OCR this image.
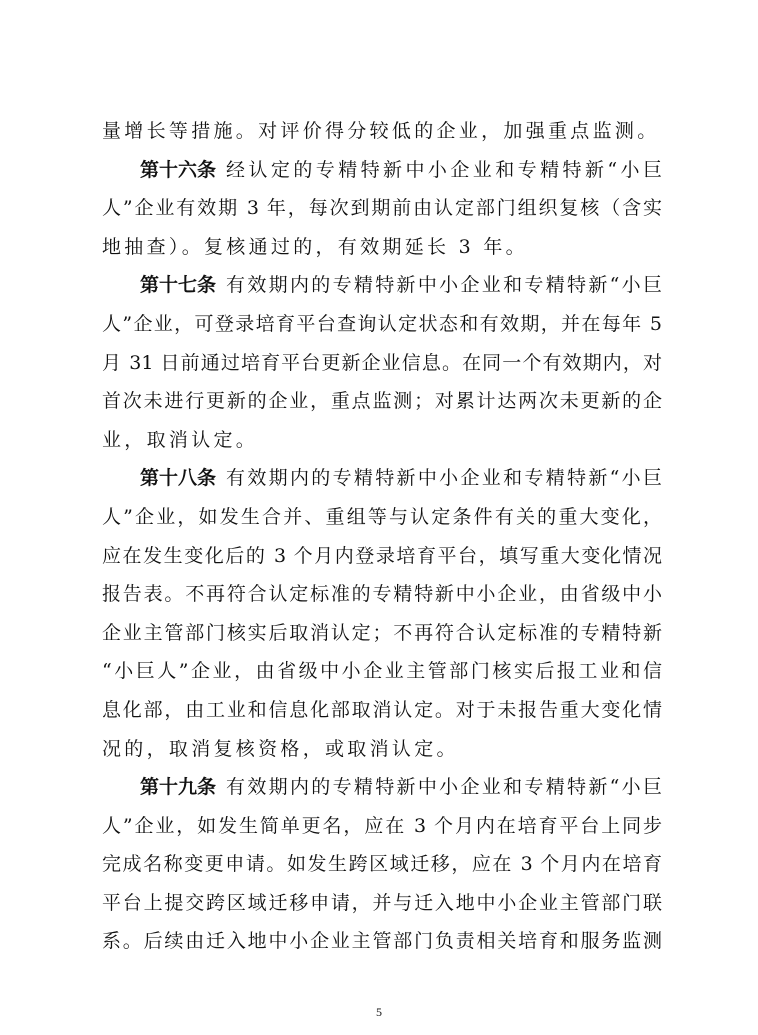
量增长等措施。对评价得分较低的企业，加强重点监测。
第十六条 经认定的专精特新中小企业和专精特新“小巨
人”企业有效期 3 年，每次到期前由认定部门组织复核（含实
地抽查）。复核通过的，有效期延长 3 年。
第十七条 有效期内的专精特新中小企业和专精特新“小巨
人”企业，可登录培育平台查询认定状态和有效期，并在每年 5
月 31 日前通过培育平台更新企业信息。在同一个有效期内，对
首次未进行更新的企业，重点监测；对累计达两次未更新的企
业，取消认定。
第十八条 有效期内的专精特新中小企业和专精特新“小巨
人”企业，如发生合并、重组等与认定条件有关的重大变化，
应在发生变化后的 3 个月内登录培育平台，填写重大变化情况
报告表。不再符合认定标准的专精特新中小企业，由省级中小
企业主管部门核实后取消认定；不再符合认定标准的专精特新
“小巨人”企业，由省级中小企业主管部门核实后报工业和信
息化部，由工业和信息化部取消认定。对于未报告重大变化情
况的，取消复核资格，或取消认定。
第十九条 有效期内的专精特新中小企业和专精特新“小巨
人”企业，如发生简单更名，应在 3 个月内在培育平台上同步
完成名称变更申请。如发生跨区域迁移，应在 3 个月内在培育
平台上提交跨区域迁移申请，并与迁入地中小企业主管部门联
系。后续由迁入地中小企业主管部门负责相关培育和服务监测
5
